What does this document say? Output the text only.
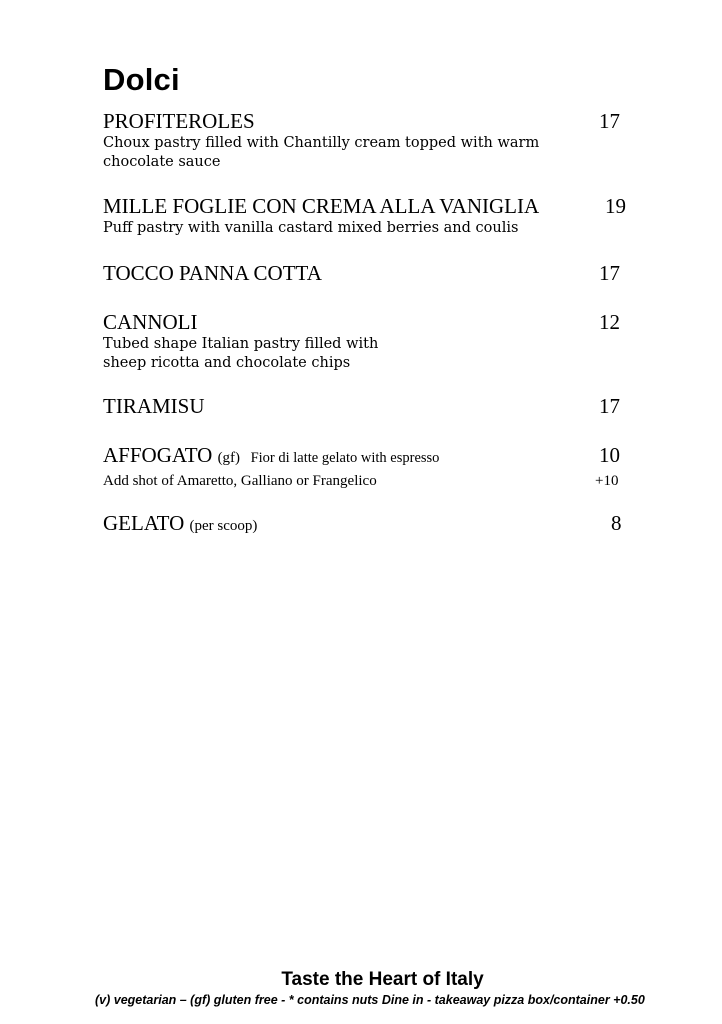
Dolci
PROFITEROLES	17
Choux pastry filled with Chantilly cream topped with warm
chocolate sauce
MILLE FOGLIE CON CREMA ALLA VANIGLIA	19
Puff pastry with vanilla castard mixed berries and coulis
TOCCO PANNA COTTA	17
CANNOLI	12
Tubed shape Italian pastry filled with
sheep ricotta and chocolate chips
TIRAMISU	17
AFFOGATO (gf) Fior di latte gelato with espresso	10
Add shot of Amaretto, Galliano or Frangelico	+10
GELATO (per scoop)	8
Taste the Heart of Italy
(v) vegetarian – (gf) gluten free - * contains nuts Dine in - takeaway pizza box/container +0.50
